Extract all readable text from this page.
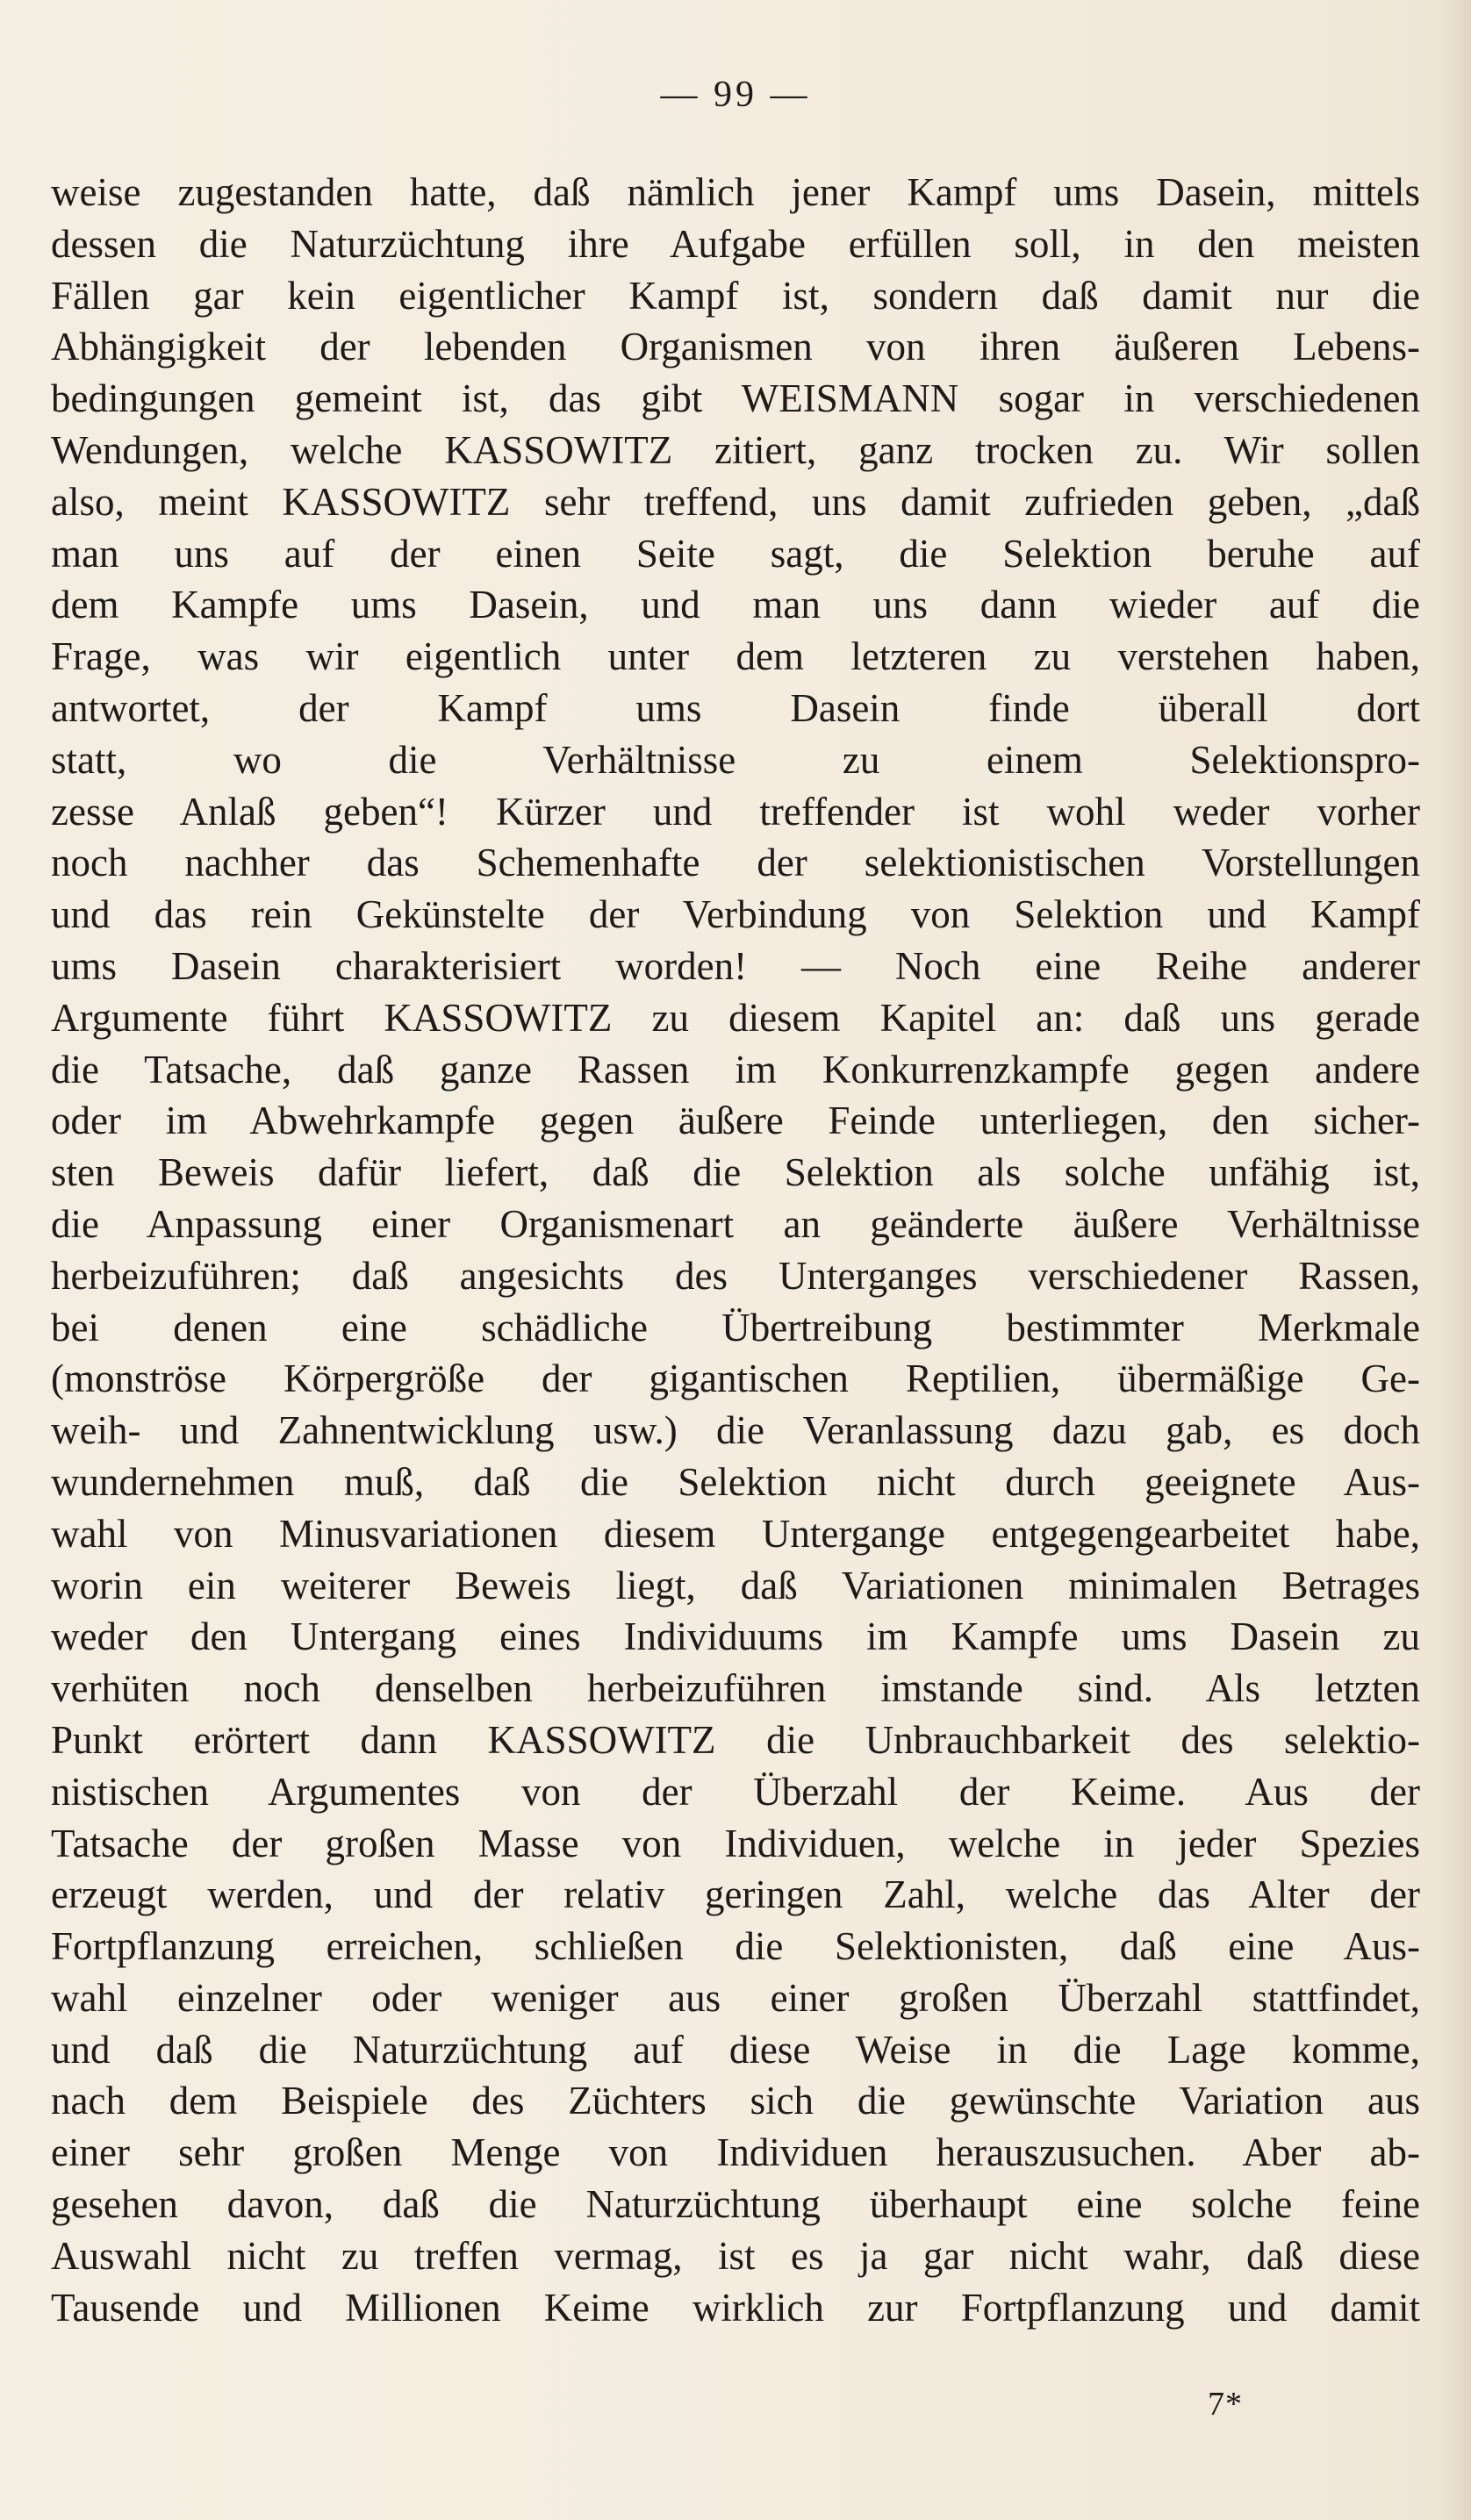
— 99 —
weise zugestanden hatte, daß nämlich jener Kampf ums Dasein, mittels
dessen die Naturzüchtung ihre Aufgabe erfüllen soll, in den meisten
Fällen gar kein eigentlicher Kampf ist, sondern daß damit nur die
Abhängigkeit der lebenden Organismen von ihren äußeren Lebens-
bedingungen gemeint ist, das gibt WEISMANN sogar in verschiedenen
Wendungen, welche KASSOWITZ zitiert, ganz trocken zu. Wir sollen
also, meint KASSOWITZ sehr treffend, uns damit zufrieden geben, „daß
man uns auf der einen Seite sagt, die Selektion beruhe auf
dem Kampfe ums Dasein, und man uns dann wieder auf die
Frage, was wir eigentlich unter dem letzteren zu verstehen haben,
antwortet, der Kampf ums Dasein finde überall dort
statt, wo die Verhältnisse zu einem Selektionspro-
zesse Anlaß geben“! Kürzer und treffender ist wohl weder vorher
noch nachher das Schemenhafte der selektionistischen Vorstellungen
und das rein Gekünstelte der Verbindung von Selektion und Kampf
ums Dasein charakterisiert worden! — Noch eine Reihe anderer
Argumente führt KASSOWITZ zu diesem Kapitel an: daß uns gerade
die Tatsache, daß ganze Rassen im Konkurrenzkampfe gegen andere
oder im Abwehrkampfe gegen äußere Feinde unterliegen, den sicher-
sten Beweis dafür liefert, daß die Selektion als solche unfähig ist,
die Anpassung einer Organismenart an geänderte äußere Verhältnisse
herbeizuführen; daß angesichts des Unterganges verschiedener Rassen,
bei denen eine schädliche Übertreibung bestimmter Merkmale
(monströse Körpergröße der gigantischen Reptilien, übermäßige Ge-
weih- und Zahnentwicklung usw.) die Veranlassung dazu gab, es doch
wundernehmen muß, daß die Selektion nicht durch geeignete Aus-
wahl von Minusvariationen diesem Untergange entgegengearbeitet habe,
worin ein weiterer Beweis liegt, daß Variationen minimalen Betrages
weder den Untergang eines Individuums im Kampfe ums Dasein zu
verhüten noch denselben herbeizuführen imstande sind. Als letzten
Punkt erörtert dann KASSOWITZ die Unbrauchbarkeit des selektio-
nistischen Argumentes von der Überzahl der Keime. Aus der
Tatsache der großen Masse von Individuen, welche in jeder Spezies
erzeugt werden, und der relativ geringen Zahl, welche das Alter der
Fortpflanzung erreichen, schließen die Selektionisten, daß eine Aus-
wahl einzelner oder weniger aus einer großen Überzahl stattfindet,
und daß die Naturzüchtung auf diese Weise in die Lage komme,
nach dem Beispiele des Züchters sich die gewünschte Variation aus
einer sehr großen Menge von Individuen herauszusuchen. Aber ab-
gesehen davon, daß die Naturzüchtung überhaupt eine solche feine
Auswahl nicht zu treffen vermag, ist es ja gar nicht wahr, daß diese
Tausende und Millionen Keime wirklich zur Fortpflanzung und damit
7*
